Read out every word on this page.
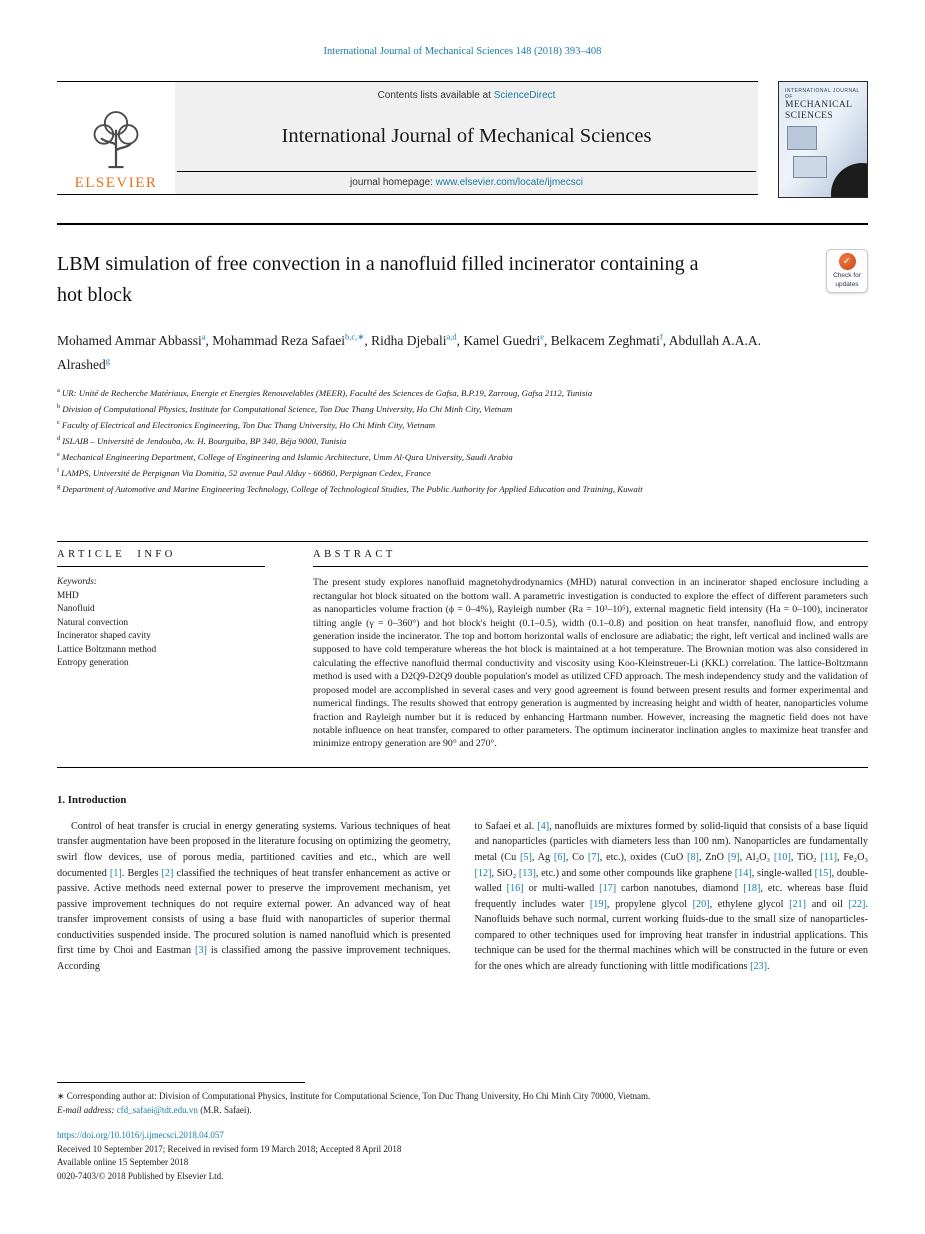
International Journal of Mechanical Sciences 148 (2018) 393–408
ELSEVIER
Contents lists available at ScienceDirect
International Journal of Mechanical Sciences
journal homepage: www.elsevier.com/locate/ijmecsci
INTERNATIONAL JOURNAL OF
MECHANICAL
SCIENCES
LBM simulation of free convection in a nanofluid filled incinerator containing a hot block
✓
Check for updates
Mohamed Ammar Abbassi$^a$, Mohammad Reza Safaei$^{b,c,∗}$, Ridha Djebali$^{a,d}$, Kamel Guedri$^e$, Belkacem Zeghmati$^f$, Abdullah A.A.A. Alrashed$^g$
$^a$ UR: Unité de Recherche Matériaux, Energie et Energies Renouvelables (MEER), Faculté des Sciences de Gafsa, B.P.19, Zarroug, Gafsa 2112, Tunisia
$^b$ Division of Computational Physics, Institute for Computational Science, Ton Duc Thang University, Ho Chi Minh City, Vietnam
$^c$ Faculty of Electrical and Electronics Engineering, Ton Duc Thang University, Ho Chi Minh City, Vietnam
$^d$ ISLAIB – Université de Jendouba, Av. H. Bourguiba, BP 340, Béja 9000, Tunisia
$^e$ Mechanical Engineering Department, College of Engineering and Islamic Architecture, Umm Al-Qura University, Saudi Arabia
$^f$ LAMPS, Université de Perpignan Via Domitia, 52 avenue Paul Alduy - 66860, Perpignan Cedex, France
$^g$ Department of Automotive and Marine Engineering Technology, College of Technological Studies, The Public Authority for Applied Education and Training, Kuwait
ARTICLE INFO
Keywords:
MHD
Nanofluid
Natural convection
Incinerator shaped cavity
Lattice Boltzmann method
Entropy generation
ABSTRACT

The present study explores nanofluid magnetohydrodynamics (MHD) natural convection in an incinerator shaped enclosure including a rectangular hot block situated on the bottom wall. A parametric investigation is conducted to explore the effect of different parameters such as nanoparticles volume fraction (ϕ = 0–4%), Rayleigh number (Ra = 10³–10⁵), external magnetic field intensity (Ha = 0–100), incinerator tilting angle (γ = 0–360°) and hot block's height (0.1–0.5), width (0.1–0.8) and position on heat transfer, nanofluid flow, and entropy generation inside the incinerator. The top and bottom horizontal walls of enclosure are adiabatic; the right, left vertical and inclined walls are supposed to have cold temperature whereas the hot block is maintained at a hot temperature. The Brownian motion was also considered in calculating the effective nanofluid thermal conductivity and viscosity using Koo-Kleinstreuer-Li (KKL) correlation. The lattice-Boltzmann method is used with a D2Q9-D2Q9 double population's model as utilized CFD approach. The mesh independency study and the validation of proposed model are accomplished in several cases and very good agreement is found between present results and former experimental and numerical findings. The results showed that entropy generation is augmented by increasing height and width of heater, nanoparticles volume fraction and Rayleigh number but it is reduced by enhancing Hartmann number. However, increasing the magnetic field does not have notable influence on heat transfer, compared to other parameters. The optimum incinerator inclination angles to maximize heat transfer and minimize entropy generation are 90° and 270°.

1. Introduction

Control of heat transfer is crucial in energy generating systems. Various techniques of heat transfer augmentation have been proposed in the literature focusing on optimizing the geometry, swirl flow devices, use of porous media, partitioned cavities and etc., which are well documented [1]. Bergles [2] classified the techniques of heat transfer enhancement as active or passive. Active methods need external power to preserve the improvement mechanism, yet passive improvement techniques do not require external power. An advanced way of heat transfer improvement consists of using a base fluid with nanoparticles of superior thermal conductivities suspended inside. The procured solution is named nanofluid which is presented first time by Choi and Eastman [3] is classified among the passive improvement techniques. According

to Safaei et al. [4], nanofluids are mixtures formed by solid-liquid that consists of a base liquid and nanoparticles (particles with diameters less than 100 nm). Nanoparticles are fundamentally metal (Cu [5], Ag [6], Co [7], etc.), oxides (CuO [8], ZnO [9], Al₂O₃ [10], TiO₂ [11], Fe₂O₃ [12], SiO₂ [13], etc.) and some other compounds like graphene [14], single-walled [15], double-walled [16] or multi-walled [17] carbon nanotubes, diamond [18], etc. whereas base fluid frequently includes water [19], propylene glycol [20], ethylene glycol [21] and oil [22]. Nanofluids behave such normal, current working fluids-due to the small size of nanoparticles-compared to other techniques used for improving heat transfer in industrial applications. This technique can be used for the thermal machines which will be constructed in the future or even for the ones which are already functioning with little modifications [23].

∗ Corresponding author at: Division of Computational Physics, Institute for Computational Science, Ton Duc Thang University, Ho Chi Minh City 70000, Vietnam.
E-mail address: cfd_safaei@tdt.edu.vn (M.R. Safaei).
https://doi.org/10.1016/j.ijmecsci.2018.04.057
Received 10 September 2017; Received in revised form 19 March 2018; Accepted 8 April 2018
Available online 15 September 2018
0020-7403/© 2018 Published by Elsevier Ltd.
